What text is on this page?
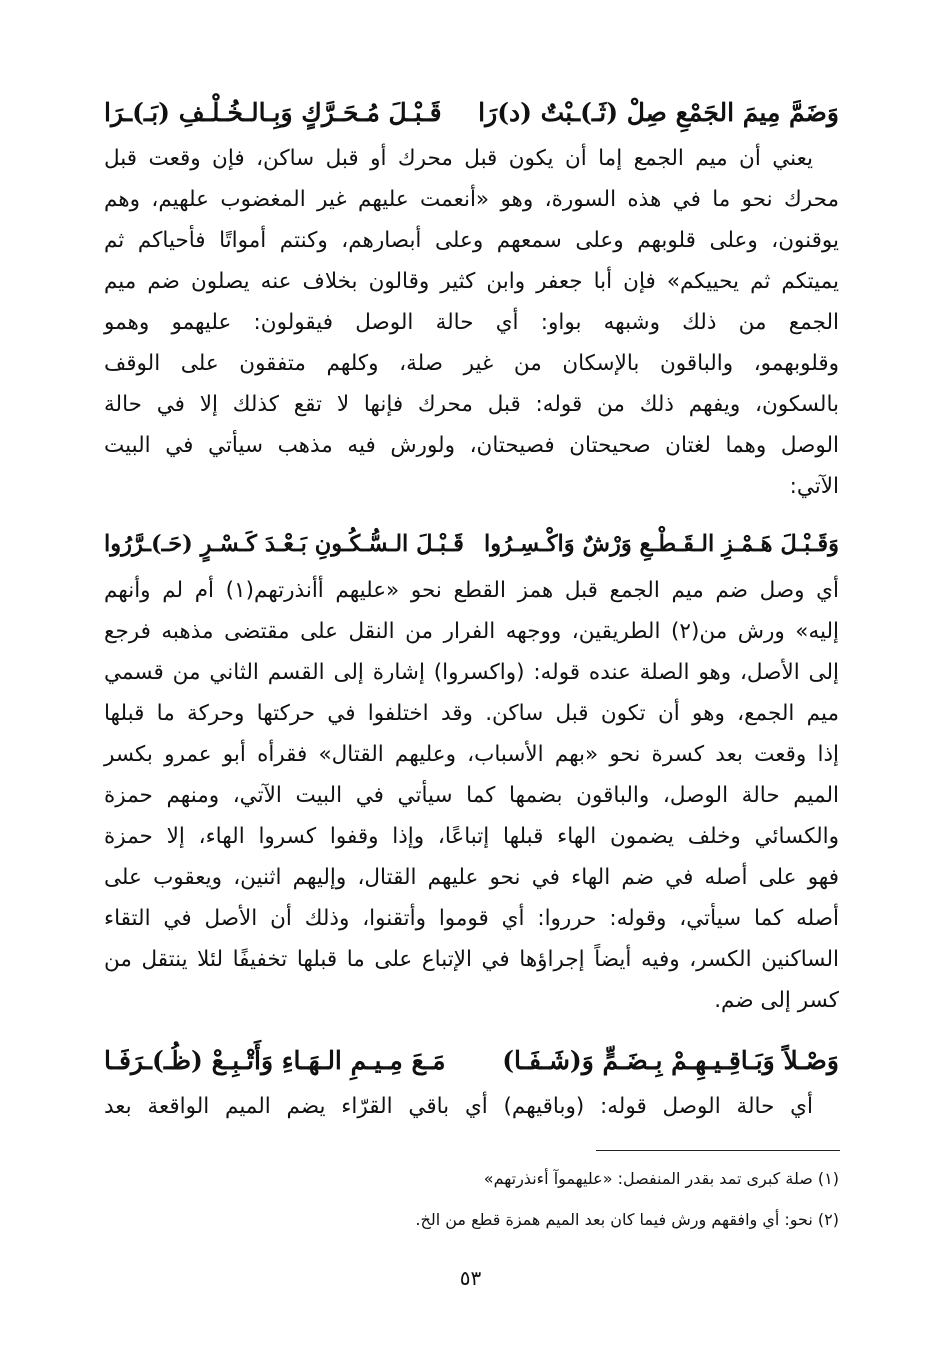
وَضَمَّ مِيمَ الجَمْعِ صِلْ (ثَـ)ـبْتٌ (د)رَا
قَـبْـلَ مُـحَـرَّكٍ وَبِـالـخُـلْـفِ (بَـ)ـرَا
يعني أن ميم الجمع إما أن يكون قبل محرك أو قبل ساكن، فإن وقعت قبل
محرك نحو ما في هذه السورة، وهو «أنعمت عليهم غير المغضوب علهيم، وهم
يوقنون، وعلى قلوبهم وعلى سمعهم وعلى أبصارهم، وكنتم أمواتًا فأحياكم ثم
يميتكم ثم يحييكم» فإن أبا جعفر وابن كثير وقالون بخلاف عنه يصلون ضم ميم
الجمع من ذلك وشبهه بواو: أي حالة الوصل فيقولون: عليهمو وهمو
وقلوبهمو، والباقون بالإسكان من غير صلة، وكلهم متفقون على الوقف
بالسكون، ويفهم ذلك من قوله: قبل محرك فإنها لا تقع كذلك إلا في حالة
الوصل وهما لغتان صحيحتان فصيحتان، ولورش فيه مذهب سيأتي في البيت
الآتي:
وَقَـبْـلَ هَـمْـزِ الـقَـطْـعِ وَرْشٌ وَاكْـسِـرُوا
قَـبْـلَ الـسُّـكُـونِ بَـعْـدَ كَـسْـرٍ (حَـ)ـرَّرُوا
أي وصل ضم ميم الجمع قبل همز القطع نحو «عليهم أأنذرتهم(١) أم لم وأنهم
إليه» ورش من(٢) الطريقين، ووجهه الفرار من النقل على مقتضى مذهبه فرجع
إلى الأصل، وهو الصلة عنده قوله: (واكسروا) إشارة إلى القسم الثاني من قسمي
ميم الجمع، وهو أن تكون قبل ساكن. وقد اختلفوا في حركتها وحركة ما قبلها
إذا وقعت بعد كسرة نحو «بهم الأسباب، وعليهم القتال» فقرأه أبو عمرو بكسر
الميم حالة الوصل، والباقون بضمها كما سيأتي في البيت الآتي، ومنهم حمزة
والكسائي وخلف يضمون الهاء قبلها إتباعًا، وإذا وقفوا كسروا الهاء، إلا حمزة
فهو على أصله في ضم الهاء في نحو عليهم القتال، وإليهم اثنين، ويعقوب على
أصله كما سيأتي، وقوله: حرروا: أي قوموا وأتقنوا، وذلك أن الأصل في التقاء
الساكنين الكسر، وفيه أيضاً إجراؤها في الإتباع على ما قبلها تخفيفًا لئلا ينتقل من
كسر إلى ضم.
وَصْـلاً وَبَـاقِـيـهِـمْ بِـضَـمٍّ وَ(شَـفَـا)
مَـعَ مِـيـمِ الـهَـاءِ وَأَتْـبِـعْ (ظُـ)ـرَفَـا
أي حالة الوصل قوله: (وباقيهم) أي باقي القرّاء يضم الميم الواقعة بعد
(١) صلة كبرى تمد بقدر المنفصل: «عليهموآ أءنذرتهم»
(٢) نحو: أي وافقهم ورش فيما كان بعد الميم همزة قطع من الخ.
٥٣
